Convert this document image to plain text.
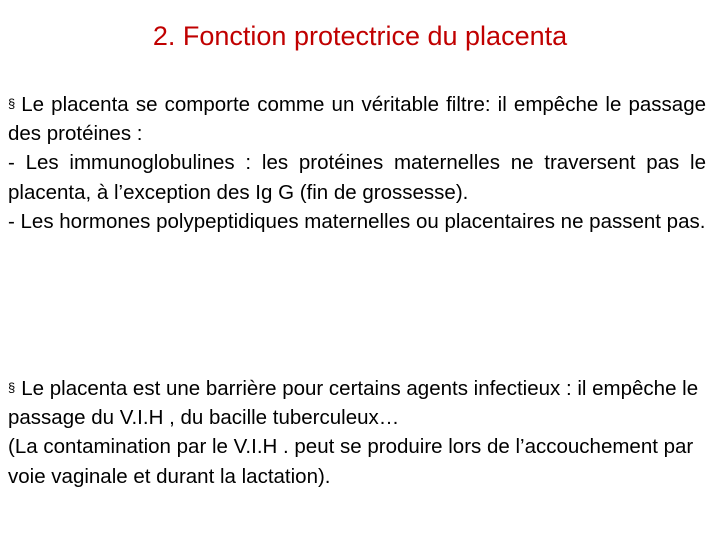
2. Fonction protectrice du placenta

§ Le placenta se comporte comme un véritable filtre: il empêche le passage des protéines :

- Les immunoglobulines : les protéines maternelles ne traversent pas le placenta, à l’exception des Ig G (fin de grossesse).

- Les hormones polypeptidiques maternelles ou placentaires ne passent pas.

§ Le placenta est une barrière pour certains agents infectieux : il empêche le passage du V.I.H , du bacille tuberculeux…

(La contamination par le V.I.H . peut se produire lors de l’accouchement par voie vaginale et durant la lactation).
